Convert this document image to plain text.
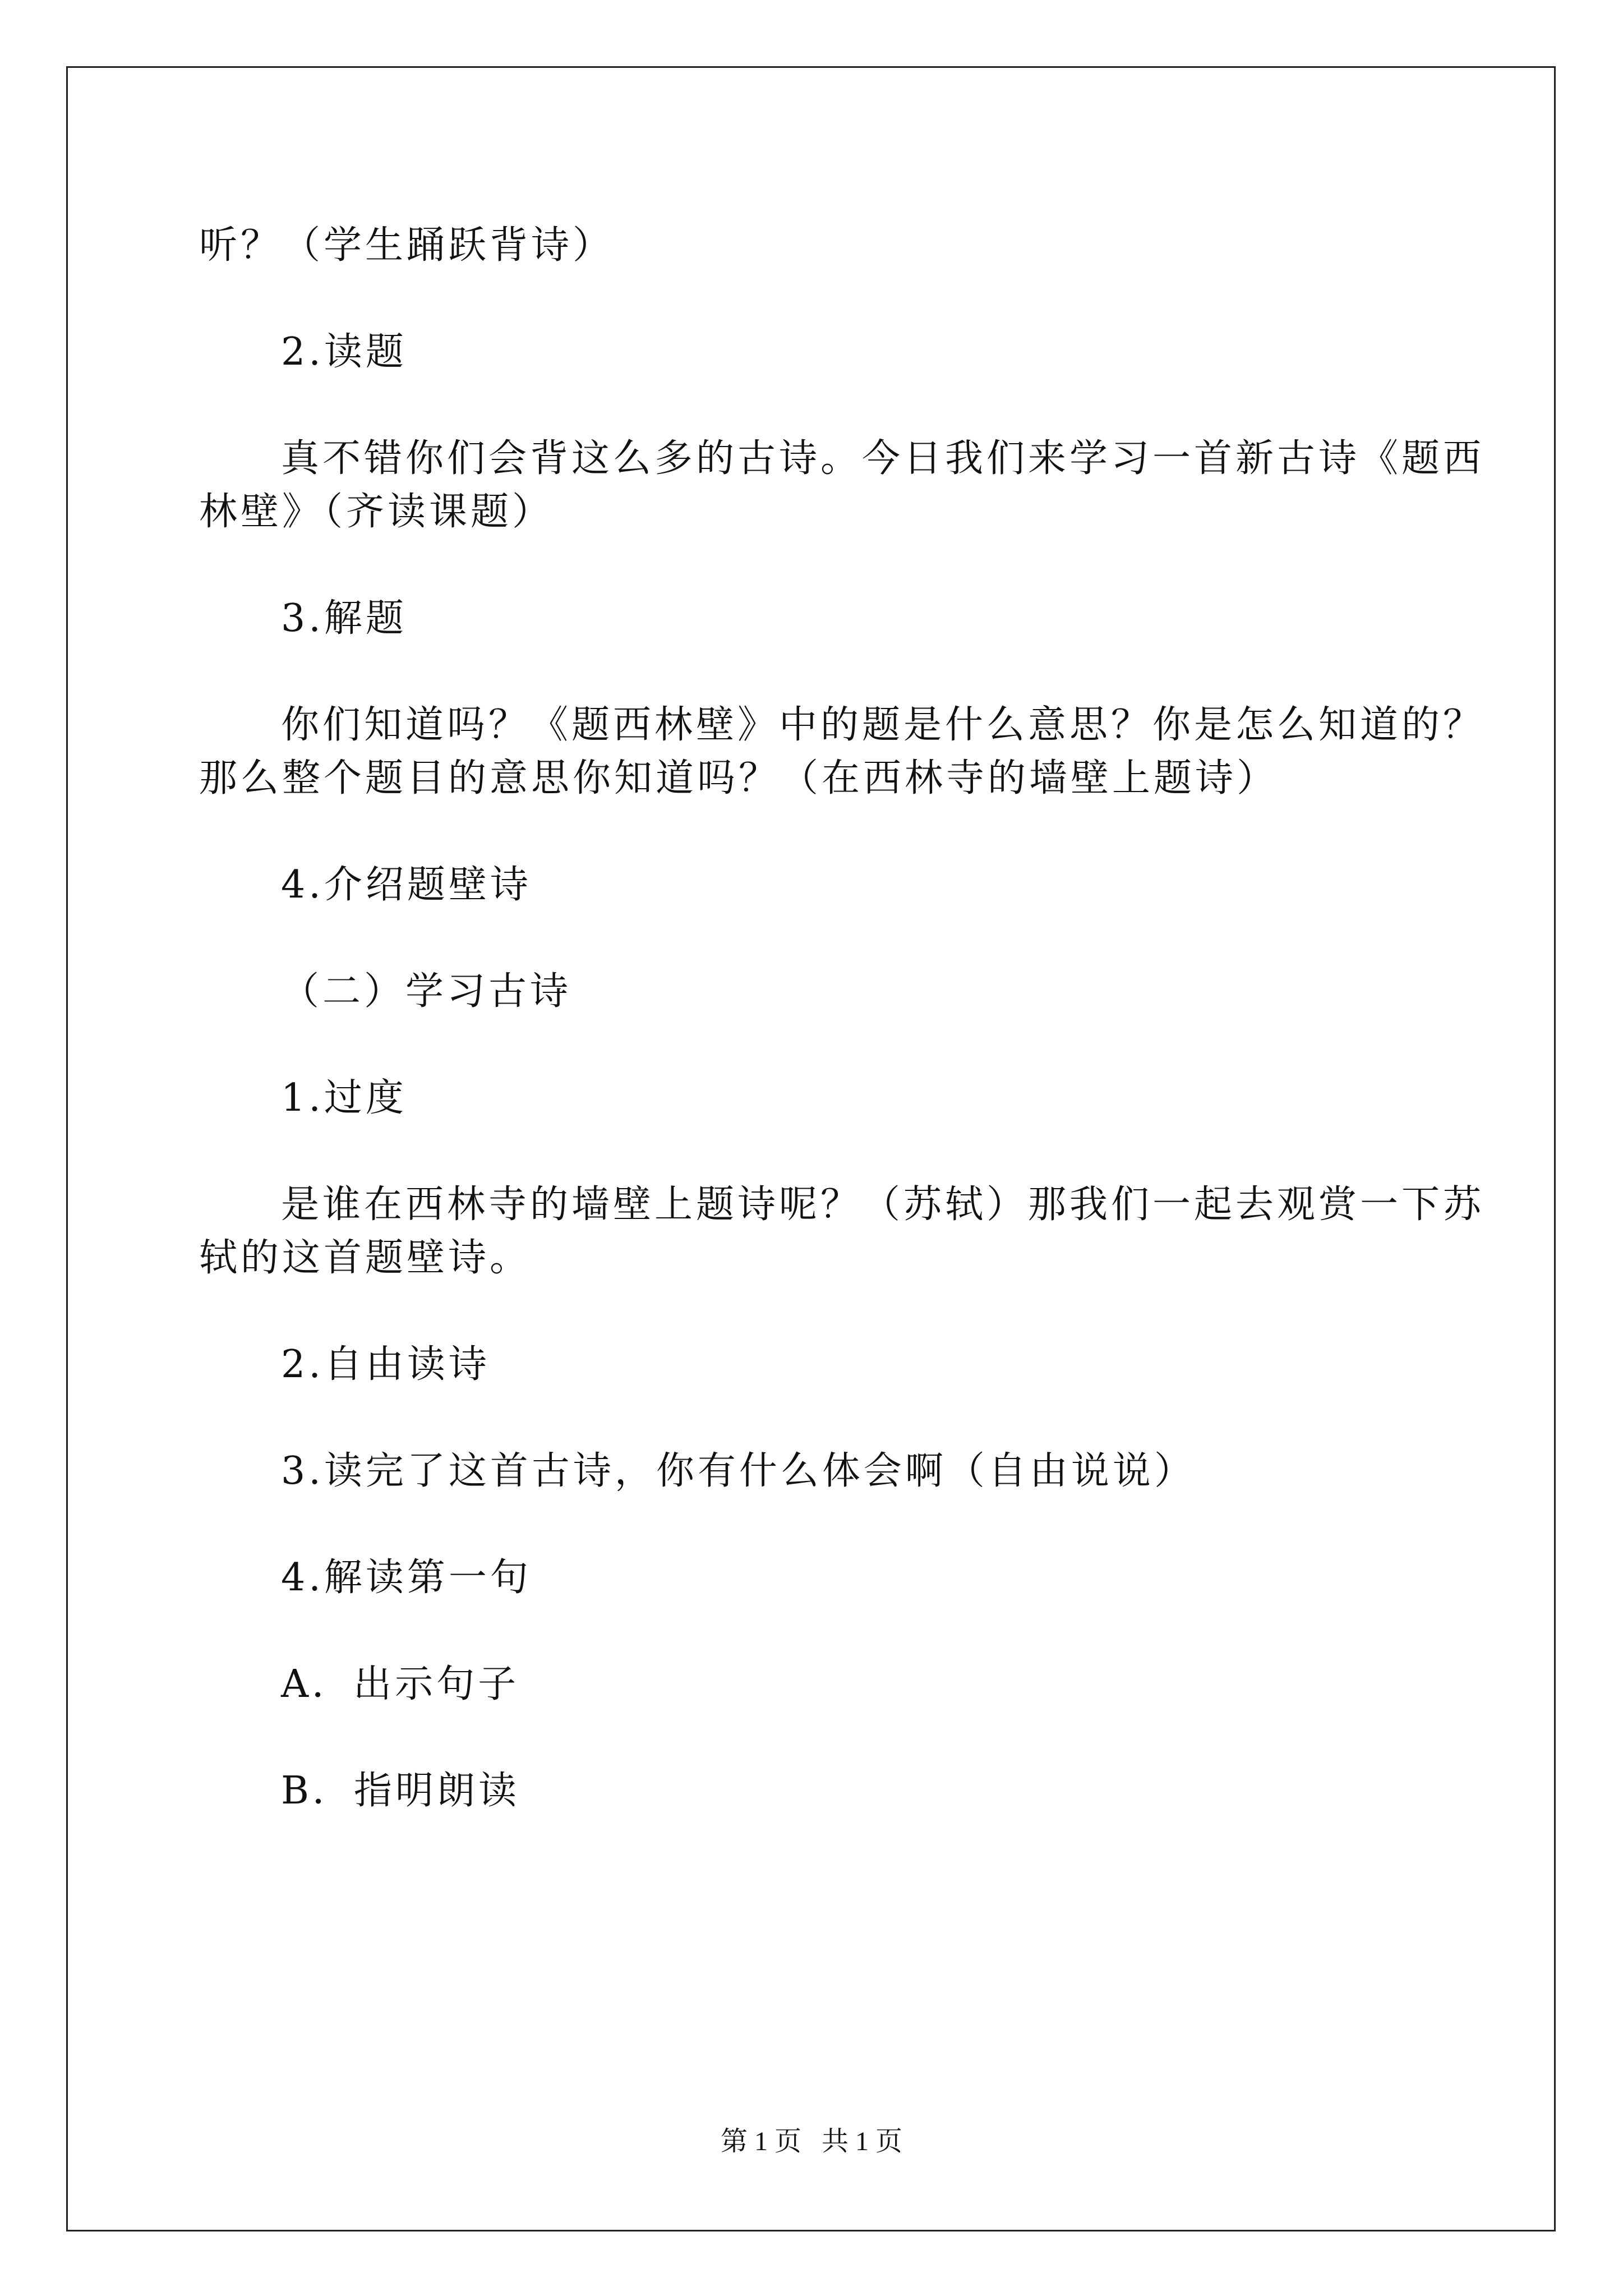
听？（学生踊跃背诗）

2.读题

真不错你们会背这么多的古诗。今日我们来学习一首新古诗《题西林壁》（齐读课题）

3.解题

你们知道吗？《题西林壁》中的题是什么意思？你是怎么知道的？那么整个题目的意思你知道吗？（在西林寺的墙壁上题诗）

4.介绍题壁诗

（二）学习古诗

1.过度

是谁在西林寺的墙壁上题诗呢？（苏轼）那我们一起去观赏一下苏轼的这首题壁诗。

2.自由读诗

3.读完了这首古诗，你有什么体会啊（自由说说）

4.解读第一句

A．出示句子

B．指明朗读

第 1 页 共 1 页
